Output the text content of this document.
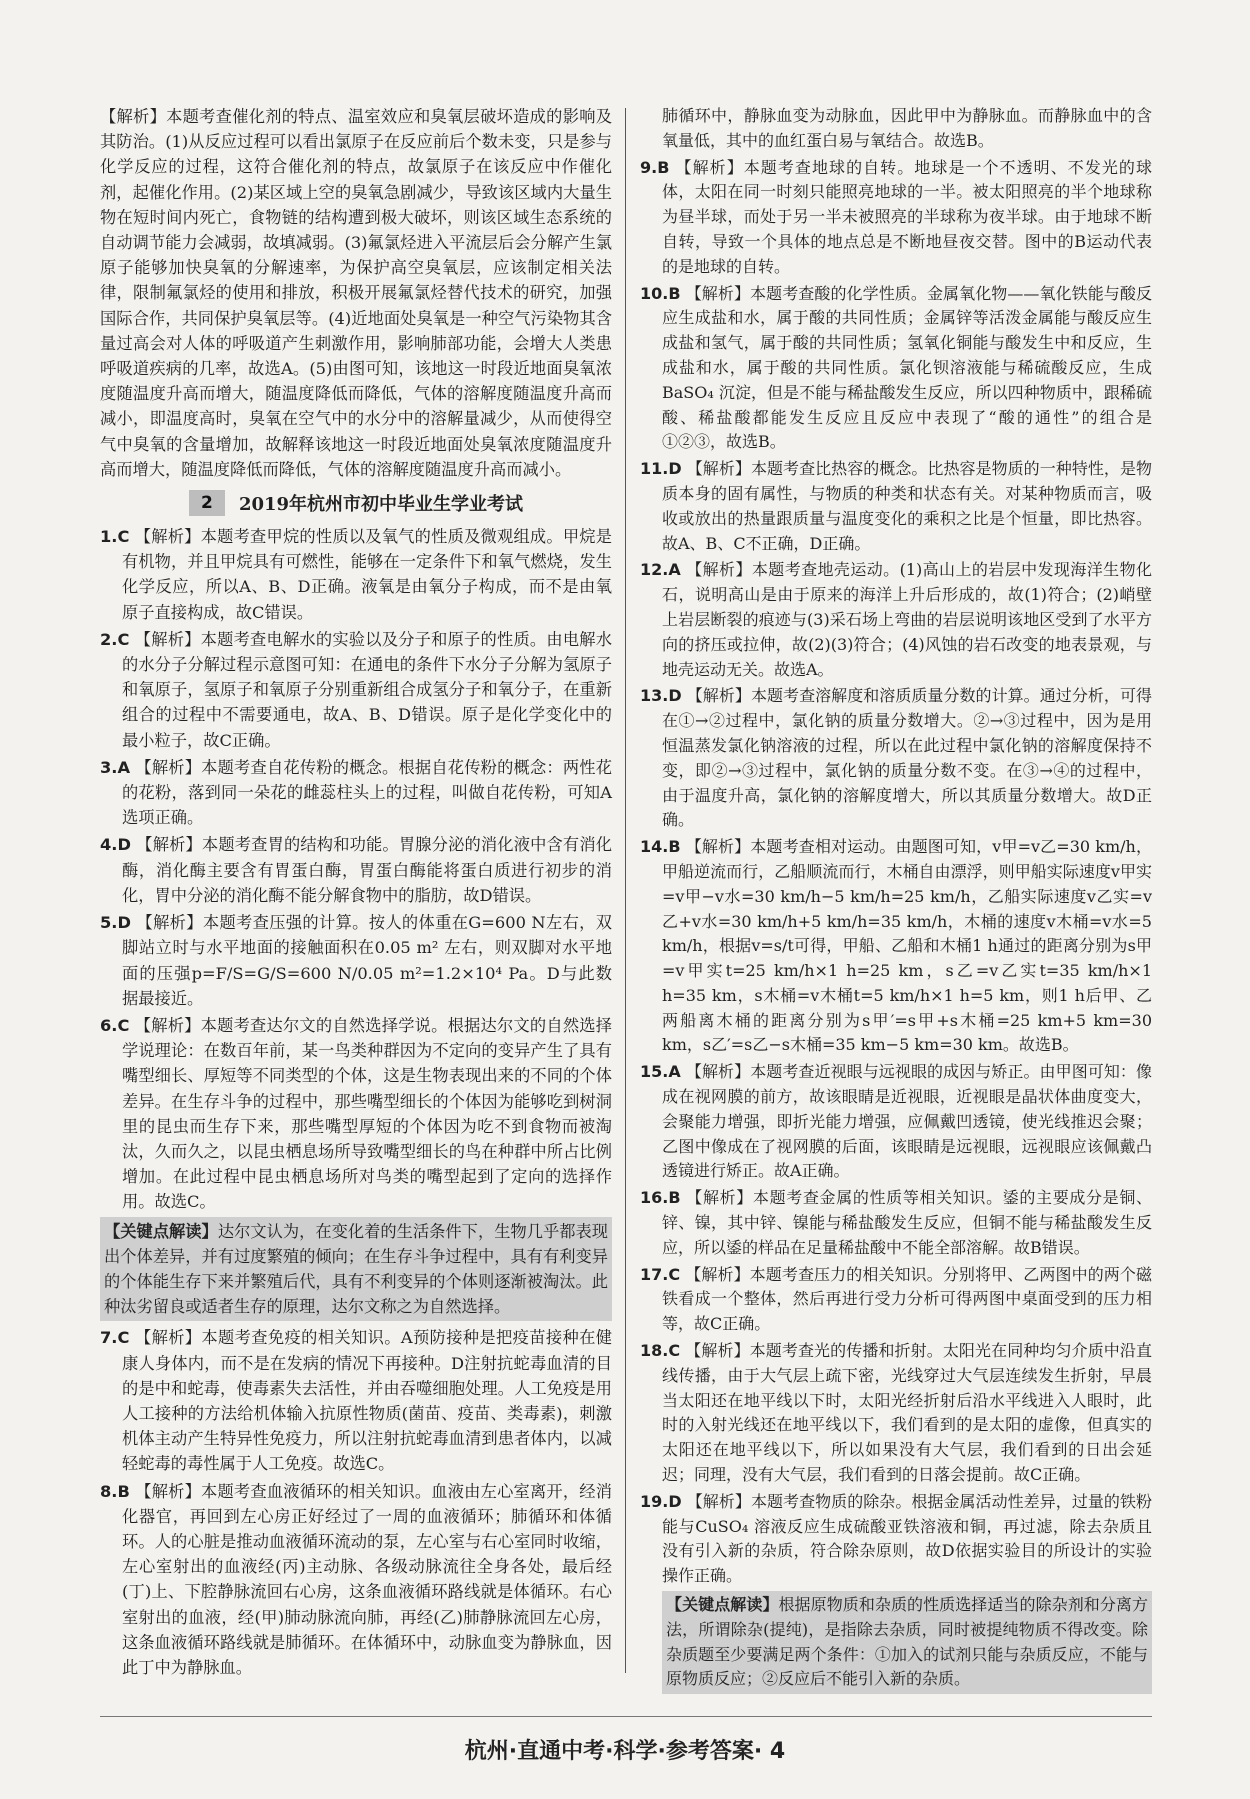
【解析】本题考查催化剂的特点、温室效应和臭氧层破坏造成的影响及其防治。(1)从反应过程可以看出氯原子在反应前后个数未变，只是参与化学反应的过程，这符合催化剂的特点，故氯原子在该反应中作催化剂，起催化作用。(2)某区域上空的臭氧急剧减少，导致该区域内大量生物在短时间内死亡，食物链的结构遭到极大破坏，则该区域生态系统的自动调节能力会减弱，故填减弱。(3)氟氯烃进入平流层后会分解产生氯原子能够加快臭氧的分解速率，为保护高空臭氧层，应该制定相关法律，限制氟氯烃的使用和排放，积极开展氟氯烃替代技术的研究，加强国际合作，共同保护臭氧层等。(4)近地面处臭氧是一种空气污染物其含量过高会对人体的呼吸道产生刺激作用，影响肺部功能，会增大人类患呼吸道疾病的几率，故选A。(5)由图可知，该地这一时段近地面臭氧浓度随温度升高而增大，随温度降低而降低，气体的溶解度随温度升高而减小，即温度高时，臭氧在空气中的水分中的溶解量减少，从而使得空气中臭氧的含量增加，故解释该地这一时段近地面处臭氧浓度随温度升高而增大，随温度降低而降低，气体的溶解度随温度升高而减小。

2	2019年杭州市初中毕业生学业考试

1.C 【解析】本题考查甲烷的性质以及氧气的性质及微观组成。甲烷是有机物，并且甲烷具有可燃性，能够在一定条件下和氧气燃烧，发生化学反应，所以A、B、D正确。液氧是由氧分子构成，而不是由氧原子直接构成，故C错误。

2.C 【解析】本题考查电解水的实验以及分子和原子的性质。由电解水的水分子分解过程示意图可知：在通电的条件下水分子分解为氢原子和氧原子，氢原子和氧原子分别重新组合成氢分子和氧分子，在重新组合的过程中不需要通电，故A、B、D错误。原子是化学变化中的最小粒子，故C正确。

3.A 【解析】本题考查自花传粉的概念。根据自花传粉的概念：两性花的花粉，落到同一朵花的雌蕊柱头上的过程，叫做自花传粉，可知A选项正确。

4.D 【解析】本题考查胃的结构和功能。胃腺分泌的消化液中含有消化酶，消化酶主要含有胃蛋白酶，胃蛋白酶能将蛋白质进行初步的消化，胃中分泌的消化酶不能分解食物中的脂肪，故D错误。

5.D 【解析】本题考查压强的计算。按人的体重在G=600 N左右，双脚站立时与水平地面的接触面积在0.05 m² 左右，则双脚对水平地面的压强p=F/S=G/S=600 N/0.05 m²=1.2×10⁴ Pa。D与此数据最接近。

6.C 【解析】本题考查达尔文的自然选择学说。根据达尔文的自然选择学说理论：在数百年前，某一鸟类种群因为不定向的变异产生了具有嘴型细长、厚短等不同类型的个体，这是生物表现出来的不同的个体差异。在生存斗争的过程中，那些嘴型细长的个体因为能够吃到树洞里的昆虫而生存下来，那些嘴型厚短的个体因为吃不到食物而被淘汰，久而久之，以昆虫栖息场所导致嘴型细长的鸟在种群中所占比例增加。在此过程中昆虫栖息场所对鸟类的嘴型起到了定向的选择作用。故选C。

【关键点解读】达尔文认为，在变化着的生活条件下，生物几乎都表现出个体差异，并有过度繁殖的倾向；在生存斗争过程中，具有有利变异的个体能生存下来并繁殖后代，具有不利变异的个体则逐渐被淘汰。此种汰劣留良或适者生存的原理，达尔文称之为自然选择。

7.C 【解析】本题考查免疫的相关知识。A预防接种是把疫苗接种在健康人身体内，而不是在发病的情况下再接种。D注射抗蛇毒血清的目的是中和蛇毒，使毒素失去活性，并由吞噬细胞处理。人工免疫是用人工接种的方法给机体输入抗原性物质(菌苗、疫苗、类毒素)，刺激机体主动产生特异性免疫力，所以注射抗蛇毒血清到患者体内，以减轻蛇毒的毒性属于人工免疫。故选C。

8.B 【解析】本题考查血液循环的相关知识。血液由左心室离开，经消化器官，再回到左心房正好经过了一周的血液循环；肺循环和体循环。人的心脏是推动血液循环流动的泵，左心室与右心室同时收缩，左心室射出的血液经(丙)主动脉、各级动脉流往全身各处，最后经(丁)上、下腔静脉流回右心房，这条血液循环路线就是体循环。右心室射出的血液，经(甲)肺动脉流向肺，再经(乙)肺静脉流回左心房，这条血液循环路线就是肺循环。在体循环中，动脉血变为静脉血，因此丁中为静脉血。

肺循环中，静脉血变为动脉血，因此甲中为静脉血。而静脉血中的含氧量低，其中的血红蛋白易与氧结合。故选B。

9.B 【解析】本题考查地球的自转。地球是一个不透明、不发光的球体，太阳在同一时刻只能照亮地球的一半。被太阳照亮的半个地球称为昼半球，而处于另一半未被照亮的半球称为夜半球。由于地球不断自转，导致一个具体的地点总是不断地昼夜交替。图中的B运动代表的是地球的自转。

10.B 【解析】本题考查酸的化学性质。金属氧化物——氧化铁能与酸反应生成盐和水，属于酸的共同性质；金属锌等活泼金属能与酸反应生成盐和氢气，属于酸的共同性质；氢氧化铜能与酸发生中和反应，生成盐和水，属于酸的共同性质。氯化钡溶液能与稀硫酸反应，生成BaSO₄ 沉淀，但是不能与稀盐酸发生反应，所以四种物质中，跟稀硫酸、稀盐酸都能发生反应且反应中表现了“酸的通性”的组合是①②③，故选B。

11.D 【解析】本题考查比热容的概念。比热容是物质的一种特性，是物质本身的固有属性，与物质的种类和状态有关。对某种物质而言，吸收或放出的热量跟质量与温度变化的乘积之比是个恒量，即比热容。故A、B、C不正确，D正确。

12.A 【解析】本题考查地壳运动。(1)高山上的岩层中发现海洋生物化石，说明高山是由于原来的海洋上升后形成的，故(1)符合；(2)峭壁上岩层断裂的痕迹与(3)采石场上弯曲的岩层说明该地区受到了水平方向的挤压或拉伸，故(2)(3)符合；(4)风蚀的岩石改变的地表景观，与地壳运动无关。故选A。

13.D 【解析】本题考查溶解度和溶质质量分数的计算。通过分析，可得在①→②过程中，氯化钠的质量分数增大。②→③过程中，因为是用恒温蒸发氯化钠溶液的过程，所以在此过程中氯化钠的溶解度保持不变，即②→③过程中，氯化钠的质量分数不变。在③→④的过程中，由于温度升高，氯化钠的溶解度增大，所以其质量分数增大。故D正确。

14.B 【解析】本题考查相对运动。由题图可知，v甲=v乙=30 km/h，甲船逆流而行，乙船顺流而行，木桶自由漂浮，则甲船实际速度v甲实=v甲−v水=30 km/h−5 km/h=25 km/h，乙船实际速度v乙实=v乙+v水=30 km/h+5 km/h=35 km/h，木桶的速度v木桶=v水=5 km/h，根据v=s/t可得，甲船、乙船和木桶1 h通过的距离分别为s甲=v甲实t=25 km/h×1 h=25 km，s乙=v乙实t=35 km/h×1 h=35 km，s木桶=v木桶t=5 km/h×1 h=5 km，则1 h后甲、乙两船离木桶的距离分别为s甲′=s甲+s木桶=25 km+5 km=30 km，s乙′=s乙−s木桶=35 km−5 km=30 km。故选B。

15.A 【解析】本题考查近视眼与远视眼的成因与矫正。由甲图可知：像成在视网膜的前方，故该眼睛是近视眼，近视眼是晶状体曲度变大，会聚能力增强，即折光能力增强，应佩戴凹透镜，使光线推迟会聚；乙图中像成在了视网膜的后面，该眼睛是远视眼，远视眼应该佩戴凸透镜进行矫正。故A正确。

16.B 【解析】本题考查金属的性质等相关知识。鋈的主要成分是铜、锌、镍，其中锌、镍能与稀盐酸发生反应，但铜不能与稀盐酸发生反应，所以鋈的样品在足量稀盐酸中不能全部溶解。故B错误。

17.C 【解析】本题考查压力的相关知识。分别将甲、乙两图中的两个磁铁看成一个整体，然后再进行受力分析可得两图中桌面受到的压力相等，故C正确。

18.C 【解析】本题考查光的传播和折射。太阳光在同种均匀介质中沿直线传播，由于大气层上疏下密，光线穿过大气层连续发生折射，早晨当太阳还在地平线以下时，太阳光经折射后沿水平线进入人眼时，此时的入射光线还在地平线以下，我们看到的是太阳的虚像，但真实的太阳还在地平线以下，所以如果没有大气层，我们看到的日出会延迟；同理，没有大气层，我们看到的日落会提前。故C正确。

19.D 【解析】本题考查物质的除杂。根据金属活动性差异，过量的铁粉能与CuSO₄ 溶液反应生成硫酸亚铁溶液和铜，再过滤，除去杂质且没有引入新的杂质，符合除杂原则，故D依据实验目的所设计的实验操作正确。

【关键点解读】根据原物质和杂质的性质选择适当的除杂剂和分离方法，所谓除杂(提纯)，是指除去杂质，同时被提纯物质不得改变。除杂质题至少要满足两个条件：①加入的试剂只能与杂质反应，不能与原物质反应；②反应后不能引入新的杂质。
杭州·直通中考·科学·参考答案· 4
